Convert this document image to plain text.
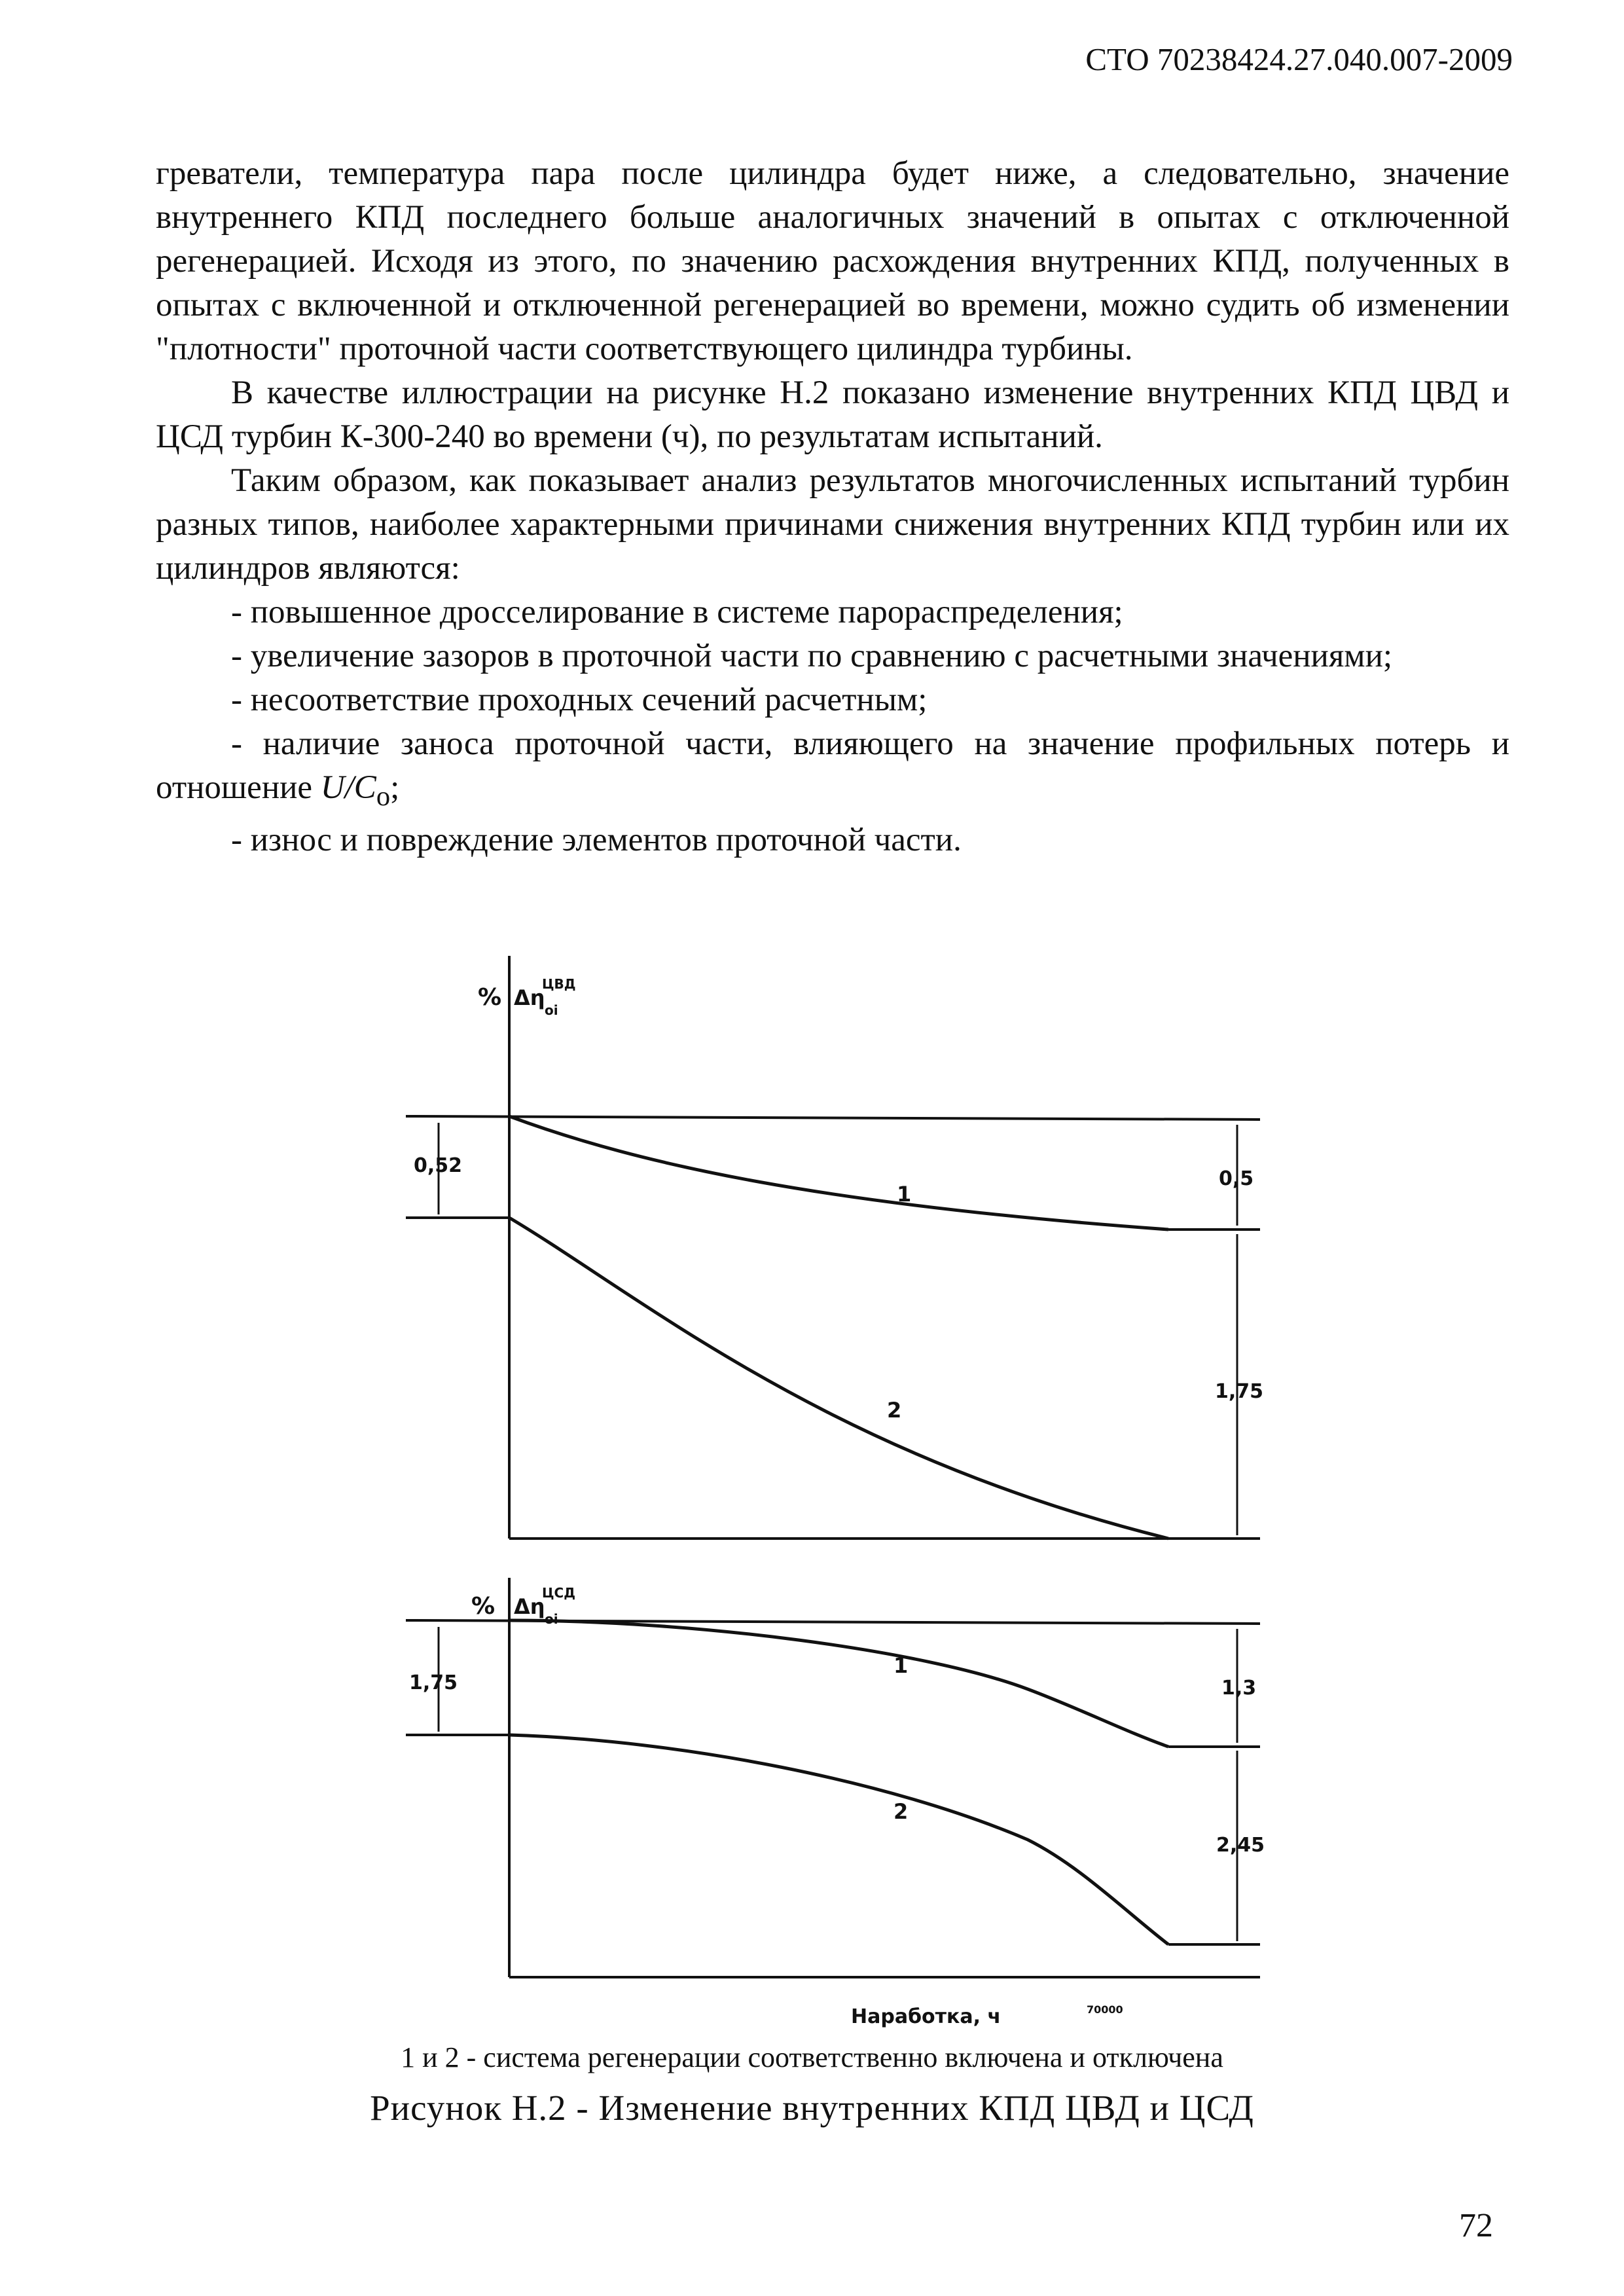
СТО 70238424.27.040.007-2009

греватели, температура пара после цилиндра будет ниже, а следовательно, значение внутреннего КПД последнего больше аналогичных значений в опытах с отключенной регенерацией. Исходя из этого, по значению расхождения внутренних КПД, полученных в опытах с включенной и отключенной регенерацией во времени, можно судить об изменении "плотности" проточной части соответствующего цилиндра турбины.

В качестве иллюстрации на рисунке Н.2 показано изменение внутренних КПД ЦВД и ЦСД турбин К-300-240 во времени (ч), по результатам испытаний.

Таким образом, как показывает анализ результатов многочисленных испытаний турбин разных типов, наиболее характерными причинами снижения внутренних КПД турбин или их цилиндров являются:

- повышенное дросселирование в системе парораспределения;

- увеличение зазоров в проточной части по сравнению с расчетными значениями;

- несоответствие проходных сечений расчетным;

- наличие заноса проточной части, влияющего на значение профильных потерь и отношение $U/C_о$;

- износ и повреждение элементов проточной части.

% Δη
ЦВД
oi
0,52
0,5
1,75
1
2
% Δη
ЦСД
oi
1,75	1,3
2,45
1
2
Наработка, ч	70000
1 и 2 - система регенерации соответственно включена и отключена
Рисунок Н.2 - Изменение внутренних КПД ЦВД и ЦСД
72
